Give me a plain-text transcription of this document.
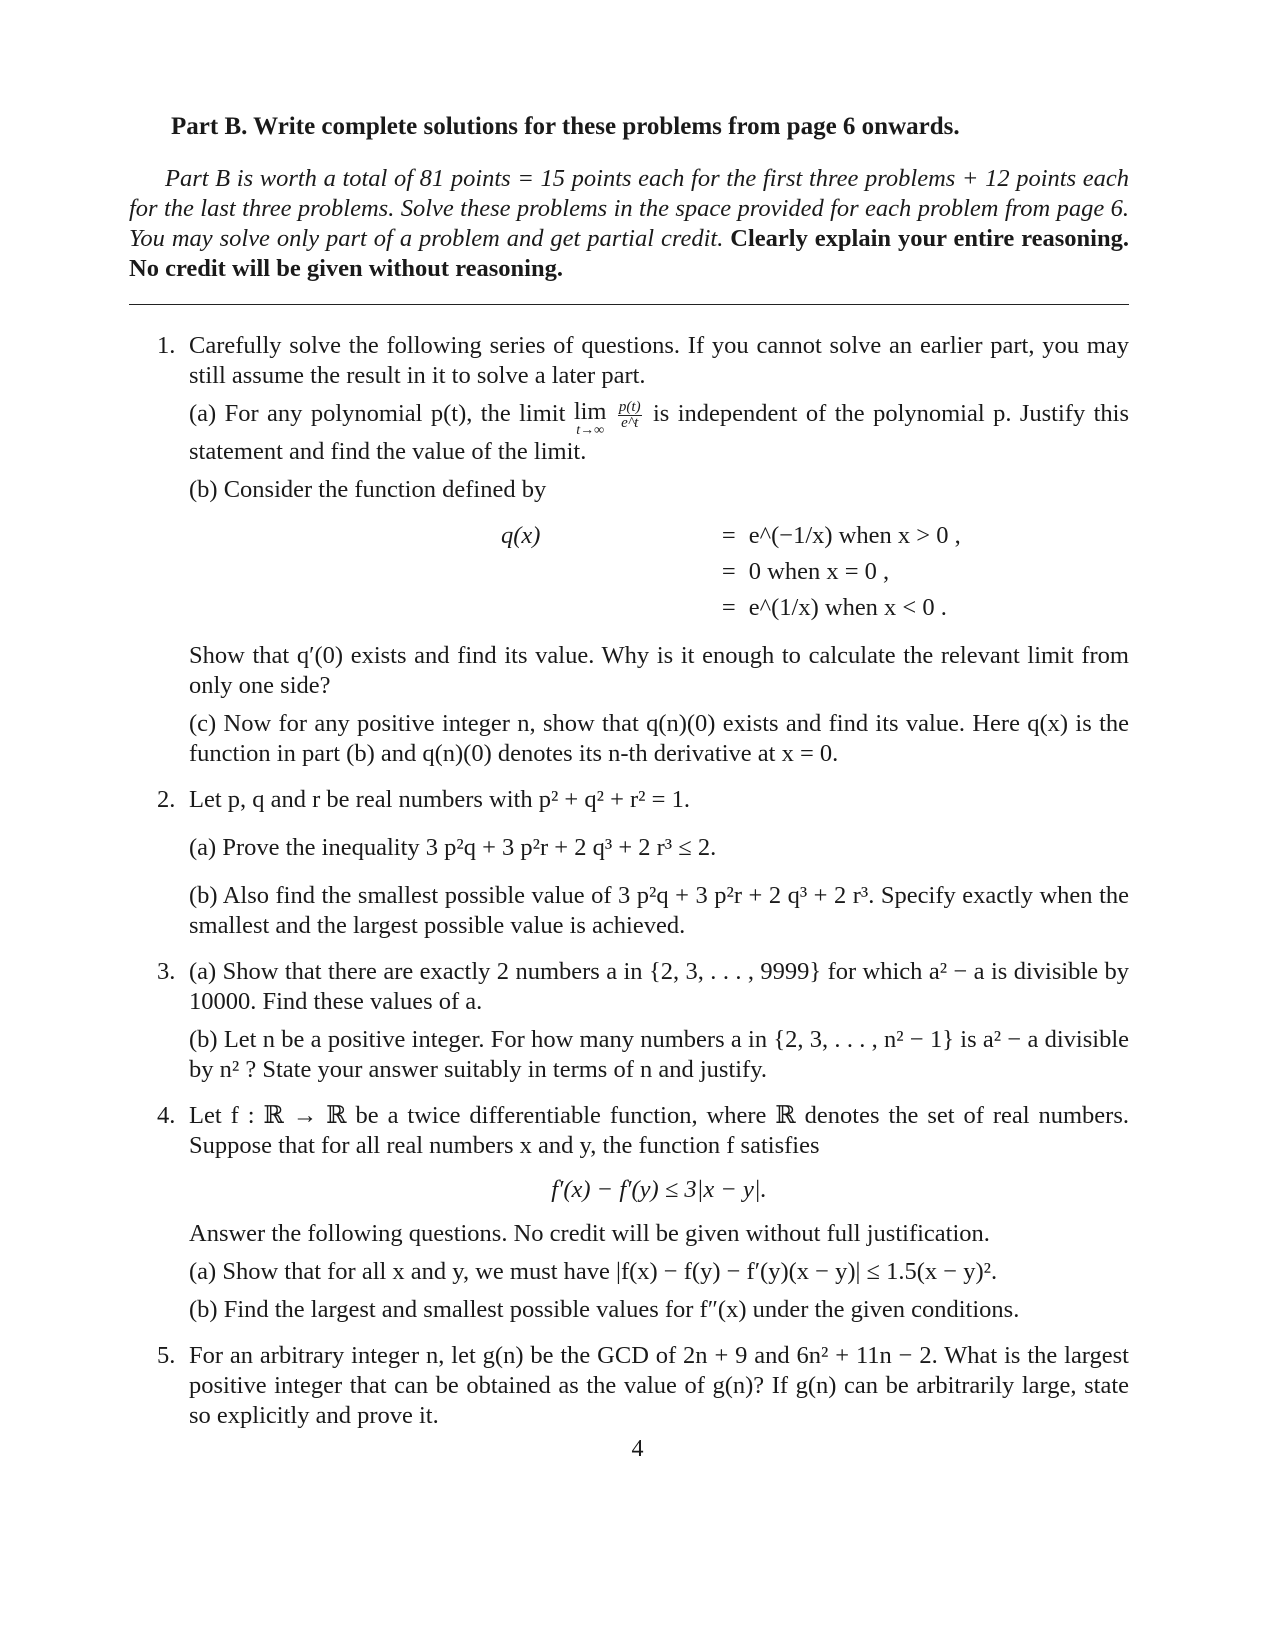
Part B. Write complete solutions for these problems from page 6 onwards.

Part B is worth a total of 81 points = 15 points each for the first three problems + 12 points each for the last three problems. Solve these problems in the space provided for each problem from page 6. You may solve only part of a problem and get partial credit. Clearly explain your entire reasoning. No credit will be given without reasoning.

1. Carefully solve the following series of questions. If you cannot solve an earlier part, you may still assume the result in it to solve a later part.

(a) For any polynomial p(t), the limit lim
t→∞
$\frac{p(t)}{e\^{}t}$ is independent of the polynomial p. Justify this statement and find the value of the limit.

(b) Consider the function defined by

q(x)	= e^(−1/x) when x > 0 ,
= 0 when x = 0 ,
= e^(1/x) when x < 0 .

Show that q′(0) exists and find its value. Why is it enough to calculate the relevant limit from only one side?

(c) Now for any positive integer n, show that q(n)(0) exists and find its value. Here q(x) is the function in part (b) and q(n)(0) denotes its n-th derivative at x = 0.

2. Let p, q and r be real numbers with p² + q² + r² = 1.

(a) Prove the inequality 3 p²q + 3 p²r + 2 q³ + 2 r³ ≤ 2.

(b) Also find the smallest possible value of 3 p²q + 3 p²r + 2 q³ + 2 r³. Specify exactly when the smallest and the largest possible value is achieved.

3. (a) Show that there are exactly 2 numbers a in {2, 3, . . . , 9999} for which a² − a is divisible by 10000. Find these values of a.

(b) Let n be a positive integer. For how many numbers a in {2, 3, . . . , n² − 1} is a² − a divisible by n² ? State your answer suitably in terms of n and justify.

4. Let f : ℝ → ℝ be a twice differentiable function, where ℝ denotes the set of real numbers. Suppose that for all real numbers x and y, the function f satisfies

f′(x) − f′(y) ≤ 3|x − y|.

Answer the following questions. No credit will be given without full justification.

(a) Show that for all x and y, we must have |f(x) − f(y) − f′(y)(x − y)| ≤ 1.5(x − y)².

(b) Find the largest and smallest possible values for f″(x) under the given conditions.

5. For an arbitrary integer n, let g(n) be the GCD of 2n + 9 and 6n² + 11n − 2. What is the largest positive integer that can be obtained as the value of g(n)? If g(n) can be arbitrarily large, state so explicitly and prove it.

4
